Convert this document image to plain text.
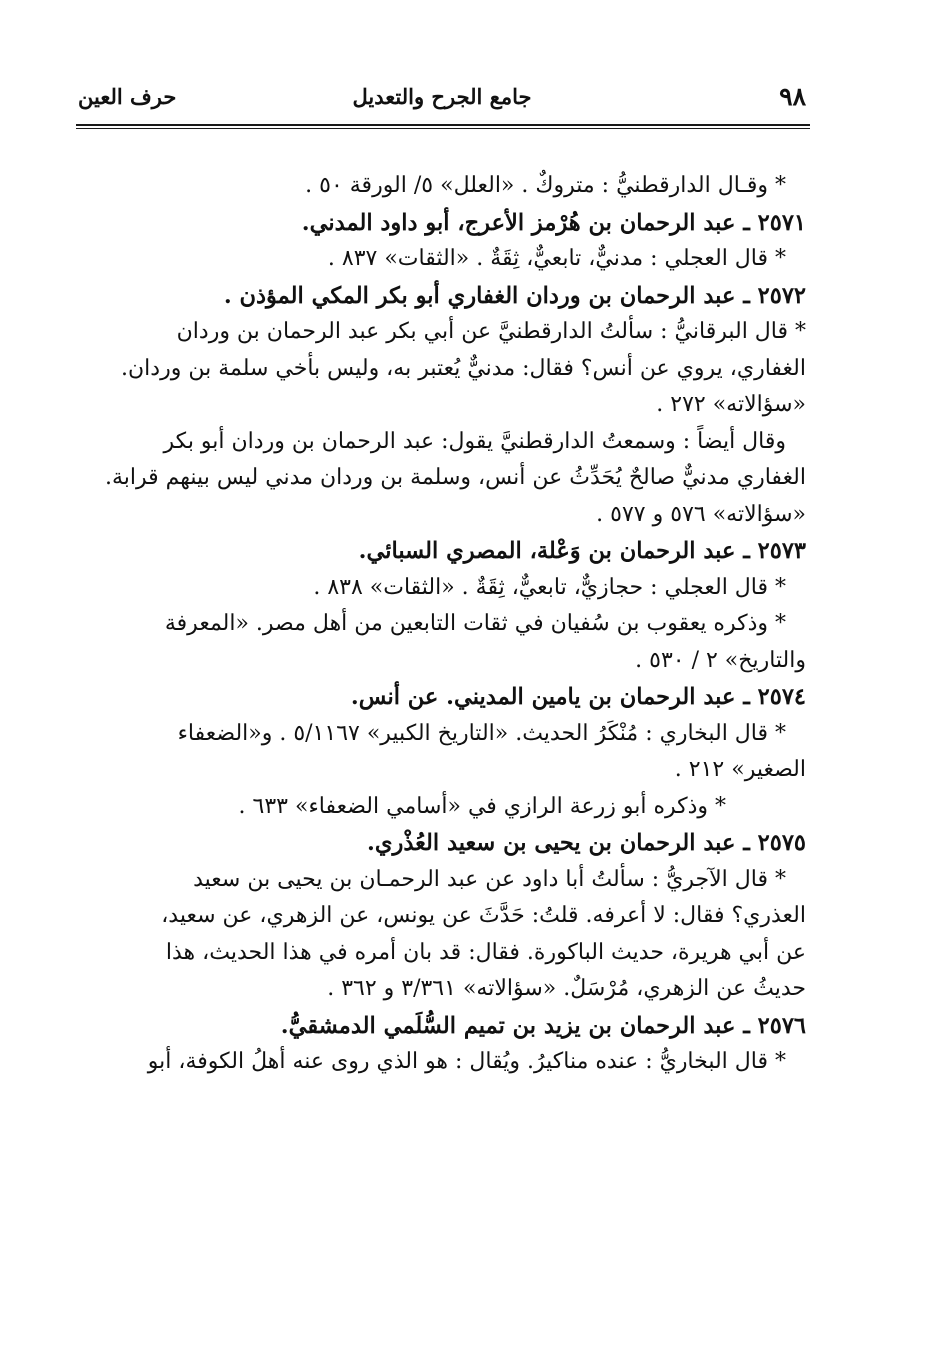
٩٨
جامع الجرح والتعديل
حرف العين

* وقـال الدارقطنيُّ : متروكٌ . «العلل» ٥/ الورقة ٥٠ .

٢٥٧١ ـ عبد الرحمان بن هُرْمز الأعرج، أبو داود المدني.

* قال العجلي : مدنيٌّ، تابعيٌّ، ثِقَةٌ . «الثقات» ٨٣٧ .

٢٥٧٢ ـ عبد الرحمان بن وردان الغفاري أبو بكر المكي المؤذن .

* قال البرقانيُّ : سألتُ الدارقطنيَّ عن أبي بكر عبد الرحمان بن وردان

الغفاري، يروي عن أنس؟ فقال: مدنيٌّ يُعتبر به، وليس بأخي سلمة بن وردان.

«سؤالاته» ٢٧٢ .

وقال أيضاً : وسمعتُ الدارقطنيَّ يقول: عبد الرحمان بن وردان أبو بكر

الغفاري مدنيٌّ صالحٌ يُحَدِّثُ عن أنس، وسلمة بن وردان مدني ليس بينهم قرابة.

«سؤالاته» ٥٧٦ و ٥٧٧ .

٢٥٧٣ ـ عبد الرحمان بن وَعْلة، المصري السبائي.

* قال العجلي : حجازيٌّ، تابعيٌّ، ثِقَةٌ . «الثقات» ٨٣٨ .

* وذكره يعقوب بن سُفيان في ثقات التابعين من أهل مصر. «المعرفة

والتاريخ» ٢ / ٥٣٠ .

٢٥٧٤ ـ عبد الرحمان بن يامين المديني. عن أنس.

* قال البخاري : مُنْكَرُ الحديث. «التاريخ الكبير» ٥/١١٦٧ . و«الضعفاء

الصغير» ٢١٢ .

* وذكره أبو زرعة الرازي في «أسامي الضعفاء» ٦٣٣ .

٢٥٧٥ ـ عبد الرحمان بن يحيى بن سعيد العُذْري.

* قال الآجريُّ : سألتُ أبا داود عن عبد الرحمـان بن يحيى بن سعيد

العذري؟ فقال: لا أعرفه. قلتُ: حَدَّثَ عن يونس، عن الزهري، عن سعيد،

عن أبي هريرة، حديث الباكورة. فقال: قد بان أمره في هذا الحديث، هذا

حديثُ عن الزهري، مُرْسَلٌ. «سؤالاته» ٣/٣٦١ و ٣٦٢ .

٢٥٧٦ ـ عبد الرحمان بن يزيد بن تميم السُّلَمي الدمشقيُّ.

* قال البخاريُّ : عنده مناكيرُ. ويُقال : هو الذي روى عنه أهلُ الكوفة، أبو
